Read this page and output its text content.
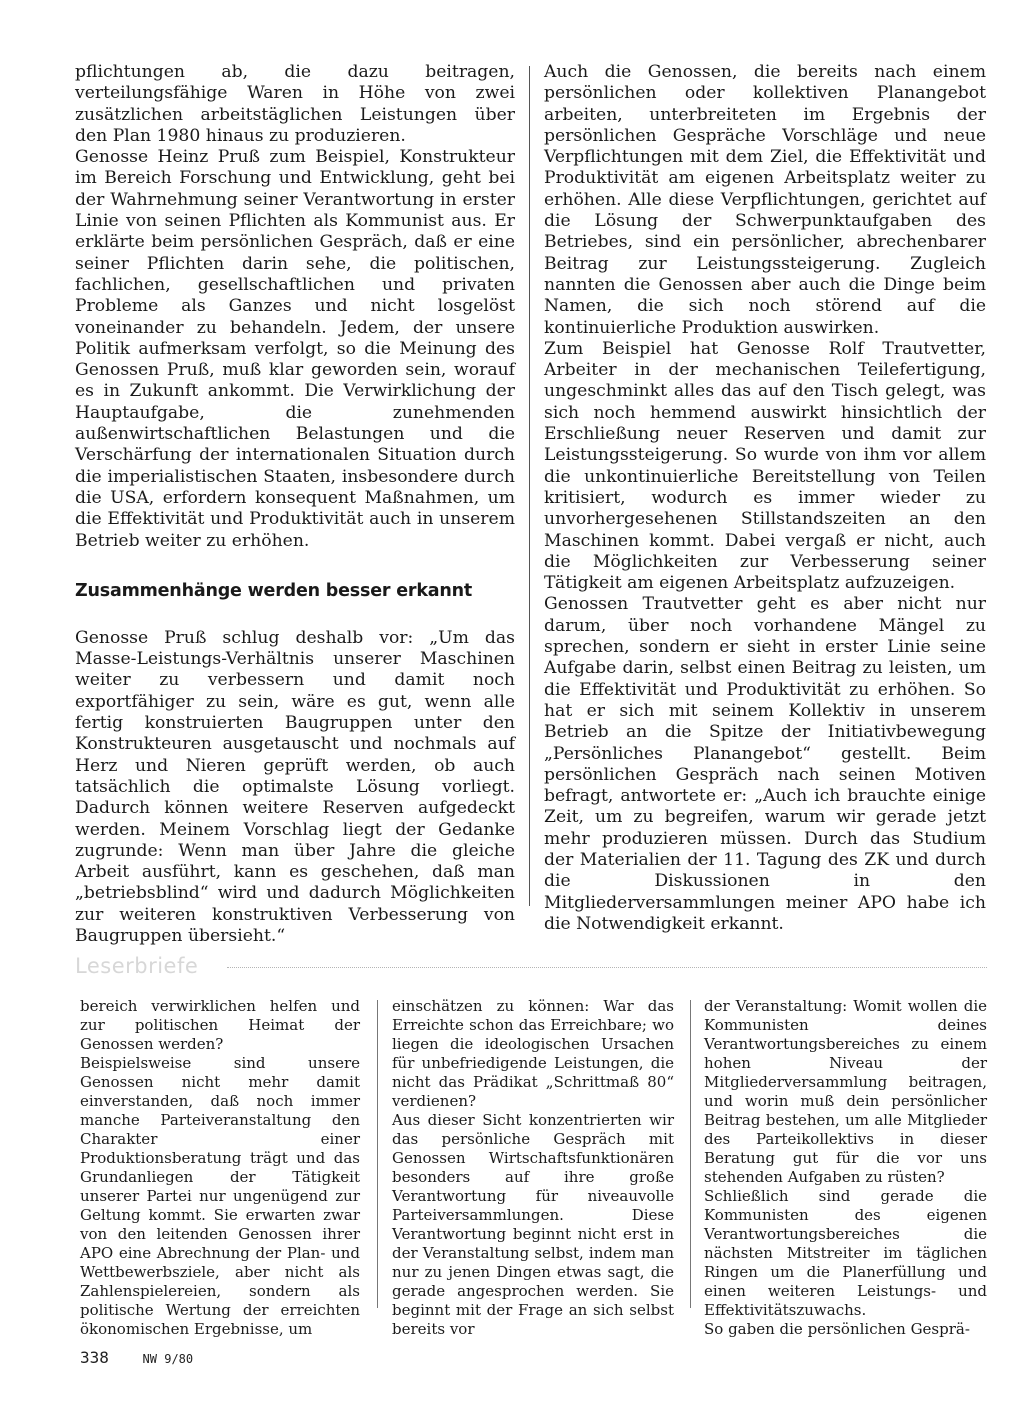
pflichtungen ab, die dazu beitragen, verteilungsfähige Waren in Höhe von zwei zusätzlichen arbeitstäglichen Leistungen über den Plan 1980 hinaus zu produzieren.

Genosse Heinz Pruß zum Beispiel, Konstrukteur im Bereich Forschung und Entwicklung, geht bei der Wahrnehmung seiner Verantwortung in erster Linie von seinen Pflichten als Kommunist aus. Er erklärte beim persönlichen Gespräch, daß er eine seiner Pflichten darin sehe, die politischen, fachlichen, gesellschaftlichen und privaten Probleme als Ganzes und nicht losgelöst voneinander zu behandeln. Jedem, der unsere Politik aufmerksam verfolgt, so die Meinung des Genossen Pruß, muß klar geworden sein, worauf es in Zukunft ankommt. Die Verwirklichung der Hauptaufgabe, die zunehmenden außenwirtschaftlichen Belastungen und die Verschärfung der internationalen Situation durch die imperialistischen Staaten, insbesondere durch die USA, erfordern konsequent Maßnahmen, um die Effektivität und Produktivität auch in unserem Betrieb weiter zu erhöhen.

Zusammenhänge werden besser erkannt

Genosse Pruß schlug deshalb vor: „Um das Masse-Leistungs-Verhältnis unserer Maschinen weiter zu verbessern und damit noch exportfähiger zu sein, wäre es gut, wenn alle fertig konstruierten Baugruppen unter den Konstrukteuren ausgetauscht und nochmals auf Herz und Nieren geprüft werden, ob auch tatsächlich die optimalste Lösung vorliegt. Dadurch können weitere Reserven aufgedeckt werden. Meinem Vorschlag liegt der Gedanke zugrunde: Wenn man über Jahre die gleiche Arbeit ausführt, kann es geschehen, daß man „betriebsblind“ wird und dadurch Möglichkeiten zur weiteren konstruktiven Verbesserung von Baugruppen übersieht.“

Auch die Genossen, die bereits nach einem persönlichen oder kollektiven Planangebot arbeiten, unterbreiteten im Ergebnis der persönlichen Gespräche Vorschläge und neue Verpflichtungen mit dem Ziel, die Effektivität und Produktivität am eigenen Arbeitsplatz weiter zu erhöhen. Alle diese Verpflichtungen, gerichtet auf die Lösung der Schwerpunktaufgaben des Betriebes, sind ein persönlicher, abrechenbarer Beitrag zur Leistungssteigerung. Zugleich nannten die Genossen aber auch die Dinge beim Namen, die sich noch störend auf die kontinuierliche Produktion auswirken.

Zum Beispiel hat Genosse Rolf Trautvetter, Arbeiter in der mechanischen Teilefertigung, ungeschminkt alles das auf den Tisch gelegt, was sich noch hemmend auswirkt hinsichtlich der Erschließung neuer Reserven und damit zur Leistungssteigerung. So wurde von ihm vor allem die unkontinuierliche Bereitstellung von Teilen kritisiert, wodurch es immer wieder zu unvorhergesehenen Stillstandszeiten an den Maschinen kommt. Dabei vergaß er nicht, auch die Möglichkeiten zur Verbesserung seiner Tätigkeit am eigenen Arbeitsplatz aufzuzeigen.

Genossen Trautvetter geht es aber nicht nur darum, über noch vorhandene Mängel zu sprechen, sondern er sieht in erster Linie seine Aufgabe darin, selbst einen Beitrag zu leisten, um die Effektivität und Produktivität zu erhöhen. So hat er sich mit seinem Kollektiv in unserem Betrieb an die Spitze der Initiativbewegung „Persönliches Planangebot“ gestellt. Beim persönlichen Gespräch nach seinen Motiven befragt, antwortete er: „Auch ich brauchte einige Zeit, um zu begreifen, warum wir gerade jetzt mehr produzieren müssen. Durch das Studium der Materialien der 11. Tagung des ZK und durch die Diskussionen in den Mitgliederversammlungen meiner APO habe ich die Notwendigkeit erkannt.

Leserbriefe

bereich verwirklichen helfen und zur politischen Heimat der Genossen werden?

Beispielsweise sind unsere Genossen nicht mehr damit einverstanden, daß noch immer manche Parteiveranstaltung den Charakter einer Produktionsberatung trägt und das Grundanliegen der Tätigkeit unserer Partei nur ungenügend zur Geltung kommt. Sie erwarten zwar von den leitenden Genossen ihrer APO eine Abrechnung der Plan- und Wettbewerbsziele, aber nicht als Zahlenspielereien, sondern als politische Wertung der erreichten ökonomischen Ergebnisse, um

einschätzen zu können: War das Erreichte schon das Erreichbare; wo liegen die ideologischen Ursachen für unbefriedigende Leistungen, die nicht das Prädikat „Schrittmaß 80“ verdienen?

Aus dieser Sicht konzentrierten wir das persönliche Gespräch mit Genossen Wirtschaftsfunktionären besonders auf ihre große Verantwortung für niveauvolle Parteiversammlungen. Diese Verantwortung beginnt nicht erst in der Veranstaltung selbst, indem man nur zu jenen Dingen etwas sagt, die gerade angesprochen werden. Sie beginnt mit der Frage an sich selbst bereits vor

der Veranstaltung: Womit wollen die Kommunisten deines Verantwortungsbereiches zu einem hohen Niveau der Mitgliederversammlung beitragen, und worin muß dein persönlicher Beitrag bestehen, um alle Mitglieder des Parteikollektivs in dieser Beratung gut für die vor uns stehenden Aufgaben zu rüsten?

Schließlich sind gerade die Kommunisten des eigenen Verantwortungsbereiches die nächsten Mitstreiter im täglichen Ringen um die Planerfüllung und einen weiteren Leistungs- und Effektivitätszuwachs.

So gaben die persönlichen Gesprä-

338	NW 9/80
